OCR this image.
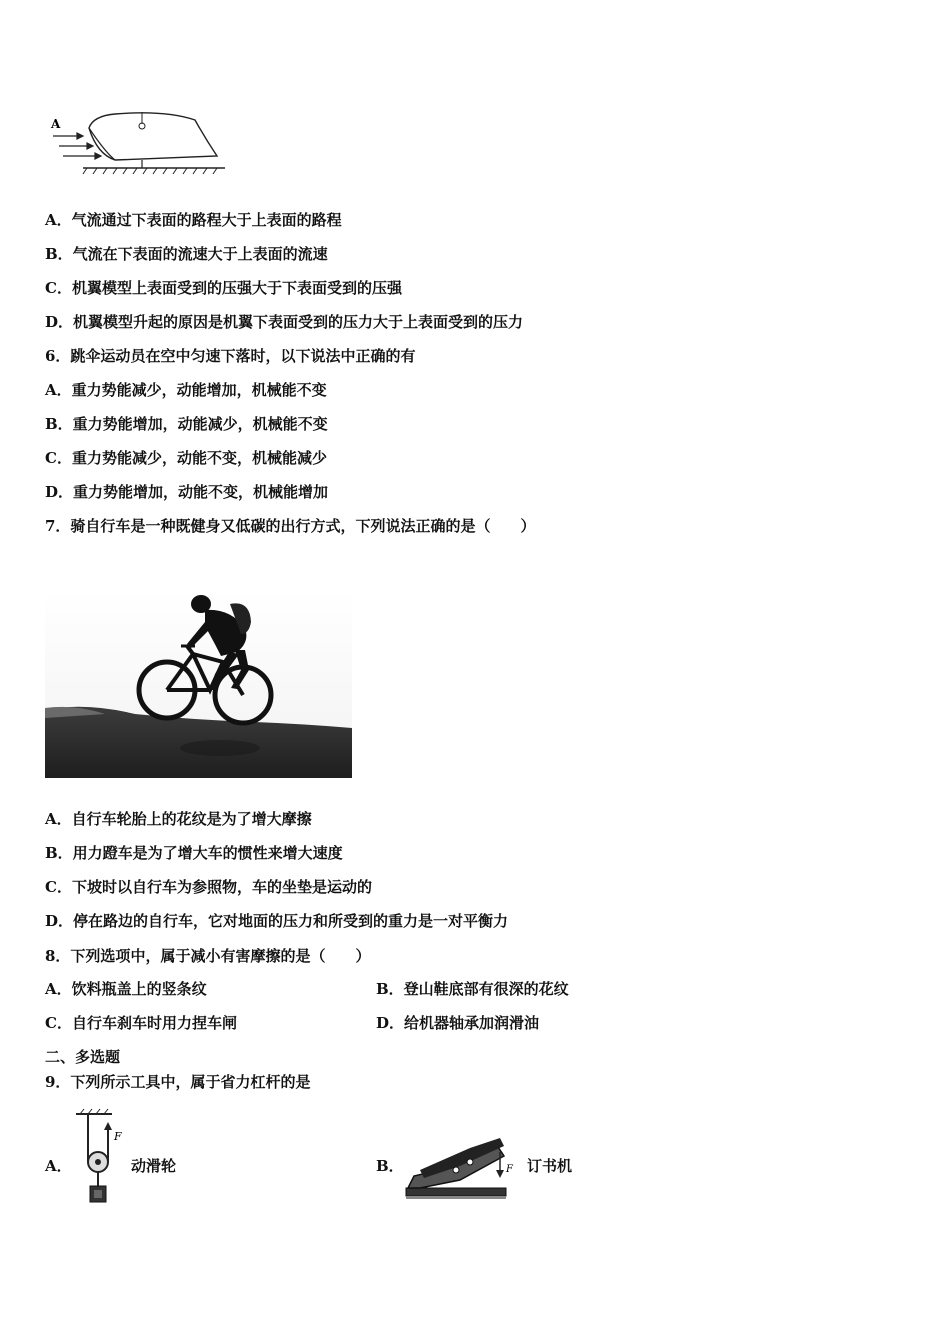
A
A．气流通过下表面的路程大于上表面的路程
B．气流在下表面的流速大于上表面的流速
C．机翼模型上表面受到的压强大于下表面受到的压强
D．机翼模型升起的原因是机翼下表面受到的压力大于上表面受到的压力
6．跳伞运动员在空中匀速下落时，以下说法中正确的有
A．重力势能减少，动能增加，机械能不变
B．重力势能增加，动能减少，机械能不变
C．重力势能减少，动能不变，机械能减少
D．重力势能增加，动能不变，机械能增加
7．骑自行车是一种既健身又低碳的出行方式，下列说法正确的是（　　）
A．自行车轮胎上的花纹是为了增大摩擦
B．用力蹬车是为了增大车的惯性来增大速度
C．下坡时以自行车为参照物，车的坐垫是运动的
D．停在路边的自行车，它对地面的压力和所受到的重力是一对平衡力
8．下列选项中，属于减小有害摩擦的是（　　）
A．饮料瓶盖上的竖条纹	B．登山鞋底部有很深的花纹
C．自行车刹车时用力捏车闸	D．给机器轴承加润滑油
二、多选题
9．下列所示工具中，属于省力杠杆的是
A．
F
动滑轮	B．	F 订书机
